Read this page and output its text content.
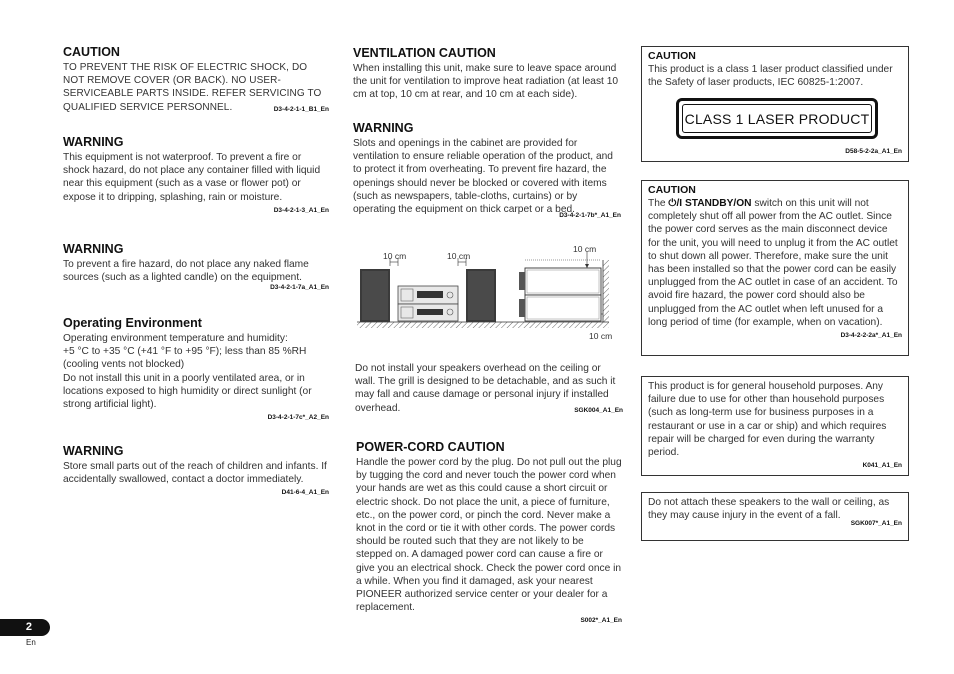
CAUTION

TO PREVENT THE RISK OF ELECTRIC SHOCK, DO NOT REMOVE COVER (OR BACK). NO USER-SERVICEABLE PARTS INSIDE. REFER SERVICING TO QUALIFIED SERVICE PERSONNEL.	D3-4-2-1-1_B1_En
WARNING

This equipment is not waterproof. To prevent a fire or shock hazard, do not place any container filled with liquid near this equipment (such as a vase or flower pot) or expose it to dripping, splashing, rain or moisture.

D3-4-2-1-3_A1_En
WARNING

To prevent a fire hazard, do not place any naked flame sources (such as a lighted candle) on the equipment.

D3-4-2-1-7a_A1_En
Operating Environment

Operating environment temperature and humidity:

+5 °C to +35 °C (+41 °F to +95 °F); less than 85 %RH (cooling vents not blocked)

Do not install this unit in a poorly ventilated area, or in locations exposed to high humidity or direct sunlight (or strong artificial light).

D3-4-2-1-7c*_A2_En
WARNING

Store small parts out of the reach of children and infants. If accidentally swallowed, contact a doctor immediately.

D41-6-4_A1_En
VENTILATION CAUTION

When installing this unit, make sure to leave space around the unit for ventilation to improve heat radiation (at least 10 cm at top, 10 cm at rear, and 10 cm at each side).

WARNING

Slots and openings in the cabinet are provided for ventilation to ensure reliable operation of the product, and to protect it from overheating. To prevent fire hazard, the openings should never be blocked or covered with items (such as newspapers, table-cloths, curtains) or by operating the equipment on thick carpet or a bed.

D3-4-2-1-7b*_A1_En
10 cm	10 cm
10 cm
10 cm

Do not install your speakers overhead on the ceiling or wall. The grill is designed to be detachable, and as such it may fall and cause damage or personal injury if installed overhead.	SGK004_A1_En
POWER-CORD CAUTION

Handle the power cord by the plug. Do not pull out the plug by tugging the cord and never touch the power cord when your hands are wet as this could cause a short circuit or electric shock. Do not place the unit, a piece of furniture, etc., on the power cord, or pinch the cord. Never make a knot in the cord or tie it with other cords. The power cords should be routed such that they are not likely to be stepped on. A damaged power cord can cause a fire or give you an electrical shock. Check the power cord once in a while. When you find it damaged, ask your nearest PIONEER authorized service center or your dealer for a replacement.

S002*_A1_En
CAUTION

This product is a class 1 laser product classified under the Safety of laser products, IEC 60825-1:2007.

CLASS 1 LASER PRODUCT
D58-5-2-2a_A1_En
CAUTION

The ⏻/I STANDBY/ON switch on this unit will not completely shut off all power from the AC outlet. Since the power cord serves as the main disconnect device for the unit, you will need to unplug it from the AC outlet to shut down all power. Therefore, make sure the unit has been installed so that the power cord can be easily unplugged from the AC outlet in case of an accident. To avoid fire hazard, the power cord should also be unplugged from the AC outlet when left unused for a long period of time (for example, when on vacation).

D3-4-2-2-2a*_A1_En

This product is for general household purposes. Any failure due to use for other than household purposes (such as long-term use for business purposes in a restaurant or use in a car or ship) and which requires repair will be charged for even during the warranty period.

K041_A1_En

Do not attach these speakers to the wall or ceiling, as they may cause injury in the event of a fall.

SGK007*_A1_En
2
En
